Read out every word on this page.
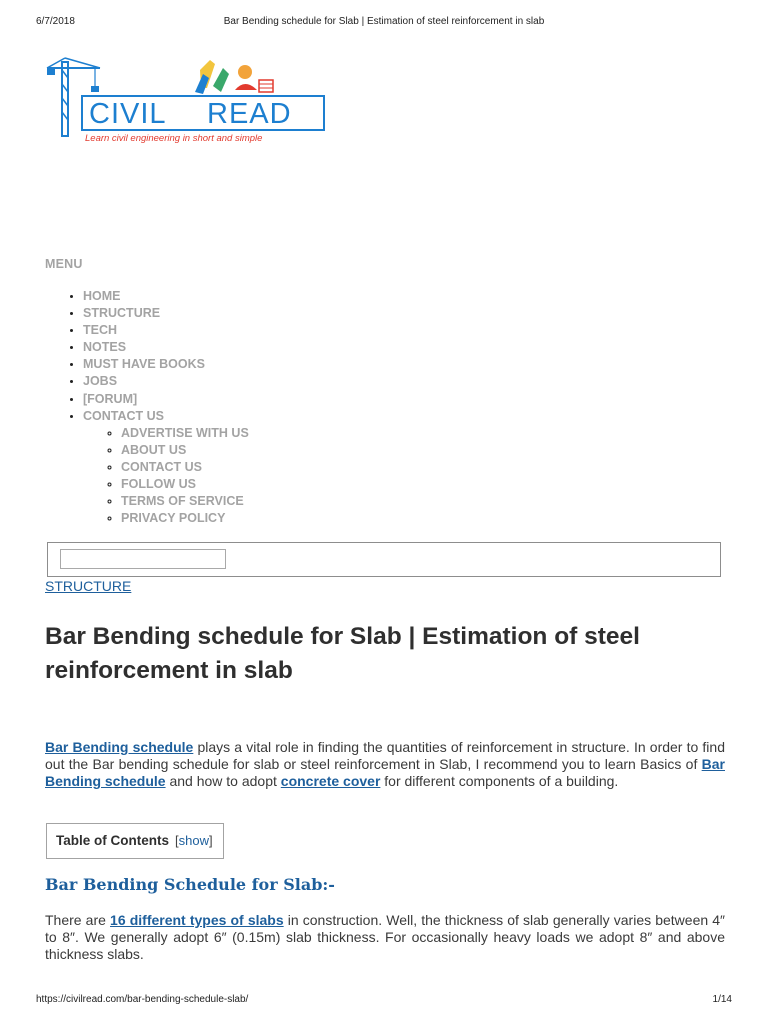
6/7/2018	Bar Bending schedule for Slab | Estimation of steel reinforcement in slab
CIVIL READ
Learn civil engineering in short and simple
MENU
• HOME
• STRUCTURE
• TECH
• NOTES
• MUST HAVE BOOKS
• JOBS
• [FORUM]
• CONTACT US
◦ ADVERTISE WITH US
◦ ABOUT US
◦ CONTACT US
◦ FOLLOW US
◦ TERMS OF SERVICE
◦ PRIVACY POLICY
STRUCTURE
Bar Bending schedule for Slab | Estimation of steel reinforcement in slab

Bar Bending schedule plays a vital role in finding the quantities of reinforcement in structure. In order to find out the Bar bending schedule for slab or steel reinforcement in Slab, I recommend you to learn Basics of Bar Bending schedule and how to adopt concrete cover for different components of a building.

Table of Contents [show]
Bar Bending Schedule for Slab:-

There are 16 different types of slabs in construction. Well, the thickness of slab generally varies between 4″ to 8″. We generally adopt 6″ (0.15m) slab thickness. For occasionally heavy loads we adopt 8″ and above thickness slabs.

https://civilread.com/bar-bending-schedule-slab/	1/14
